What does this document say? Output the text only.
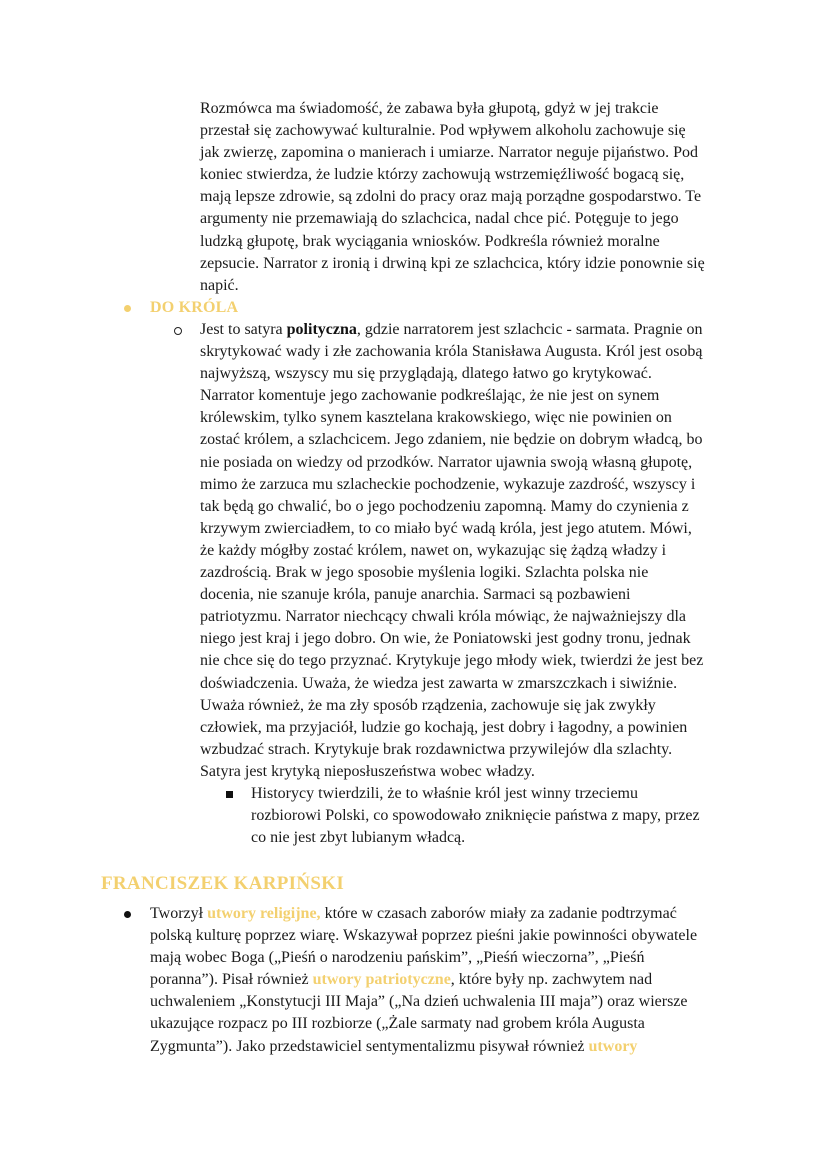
Rozmówca ma świadomość, że zabawa była głupotą, gdyż w jej trakcie
przestał się zachowywać kulturalnie. Pod wpływem alkoholu zachowuje się
jak zwierzę, zapomina o manierach i umiarze. Narrator neguje pijaństwo. Pod
koniec stwierdza, że ludzie którzy zachowują wstrzemięźliwość bogacą się,
mają lepsze zdrowie, są zdolni do pracy oraz mają porządne gospodarstwo. Te
argumenty nie przemawiają do szlachcica, nadal chce pić. Potęguje to jego
ludzką głupotę, brak wyciągania wniosków. Podkreśla również moralne
zepsucie. Narrator z ironią i drwiną kpi ze szlachcica, który idzie ponownie się
napić.
DO KRÓLA
Jest to satyra polityczna, gdzie narratorem jest szlachcic - sarmata. Pragnie on
skrytykować wady i złe zachowania króla Stanisława Augusta. Król jest osobą
najwyższą, wszyscy mu się przyglądają, dlatego łatwo go krytykować.
Narrator komentuje jego zachowanie podkreślając, że nie jest on synem
królewskim, tylko synem kasztelana krakowskiego, więc nie powinien on
zostać królem, a szlachcicem. Jego zdaniem, nie będzie on dobrym władcą, bo
nie posiada on wiedzy od przodków. Narrator ujawnia swoją własną głupotę,
mimo że zarzuca mu szlacheckie pochodzenie, wykazuje zazdrość, wszyscy i
tak będą go chwalić, bo o jego pochodzeniu zapomną. Mamy do czynienia z
krzywym zwierciadłem, to co miało być wadą króla, jest jego atutem. Mówi,
że każdy mógłby zostać królem, nawet on, wykazując się żądzą władzy i
zazdrością. Brak w jego sposobie myślenia logiki. Szlachta polska nie
docenia, nie szanuje króla, panuje anarchia. Sarmaci są pozbawieni
patriotyzmu. Narrator niechcący chwali króla mówiąc, że najważniejszy dla
niego jest kraj i jego dobro. On wie, że Poniatowski jest godny tronu, jednak
nie chce się do tego przyznać. Krytykuje jego młody wiek, twierdzi że jest bez
doświadczenia. Uważa, że wiedza jest zawarta w zmarszczkach i siwiźnie.
Uważa również, że ma zły sposób rządzenia, zachowuje się jak zwykły
człowiek, ma przyjaciół, ludzie go kochają, jest dobry i łagodny, a powinien
wzbudzać strach. Krytykuje brak rozdawnictwa przywilejów dla szlachty.
Satyra jest krytyką nieposłuszeństwa wobec władzy.
Historycy twierdzili, że to właśnie król jest winny trzeciemu
rozbiorowi Polski, co spowodowało zniknięcie państwa z mapy, przez
co nie jest zbyt lubianym władcą.
FRANCISZEK KARPIŃSKI
Tworzył utwory religijne, które w czasach zaborów miały za zadanie podtrzymać
polską kulturę poprzez wiarę. Wskazywał poprzez pieśni jakie powinności obywatele
mają wobec Boga („Pieśń o narodzeniu pańskim”, „Pieśń wieczorna”, „Pieśń
poranna”). Pisał również utwory patriotyczne, które były np. zachwytem nad
uchwaleniem „Konstytucji III Maja” („Na dzień uchwalenia III maja”) oraz wiersze
ukazujące rozpacz po III rozbiorze („Żale sarmaty nad grobem króla Augusta
Zygmunta”). Jako przedstawiciel sentymentalizmu pisywał również utwory
